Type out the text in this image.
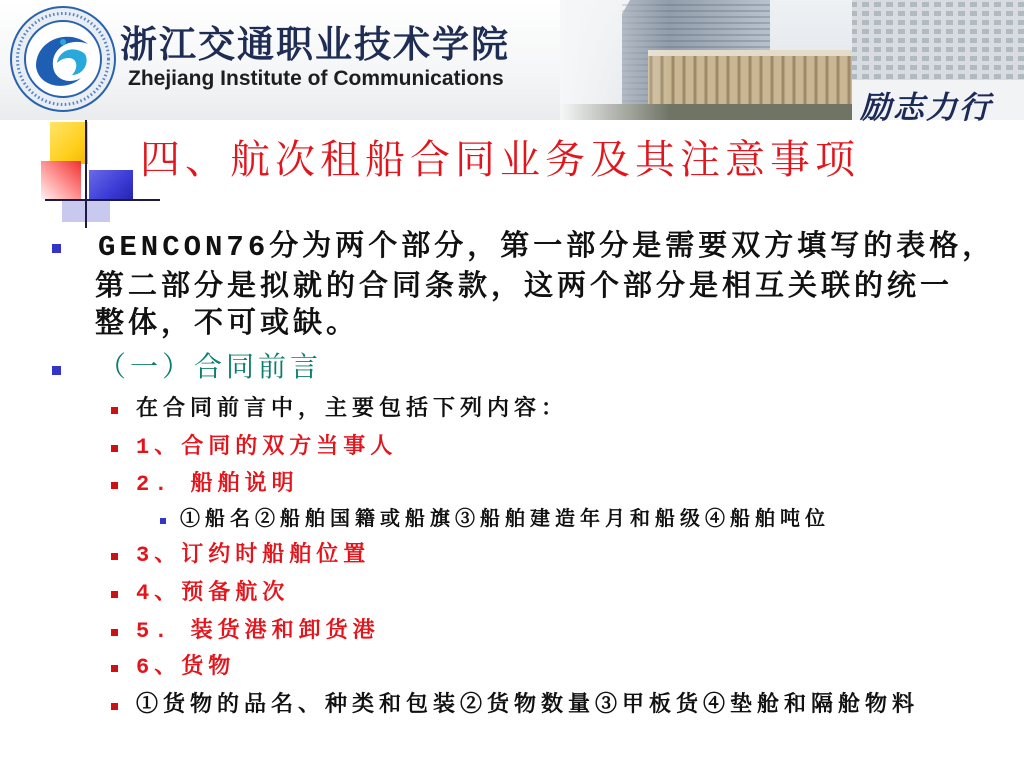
浙江交通职业技术学院
Zhejiang Institute of Communications
励志力行
四、航次租船合同业务及其注意事项
GENCON76分为两个部分，第一部分是需要双方填写的表格，
第二部分是拟就的合同条款，这两个部分是相互关联的统一
整体，不可或缺。
（一）合同前言
在合同前言中，主要包括下列内容：
1、合同的双方当事人
2. 船舶说明
①船名②船舶国籍或船旗③船舶建造年月和船级④船舶吨位
3、订约时船舶位置
4、预备航次
5. 装货港和卸货港
6、货物
①货物的品名、种类和包装②货物数量③甲板货④垫舱和隔舱物料
